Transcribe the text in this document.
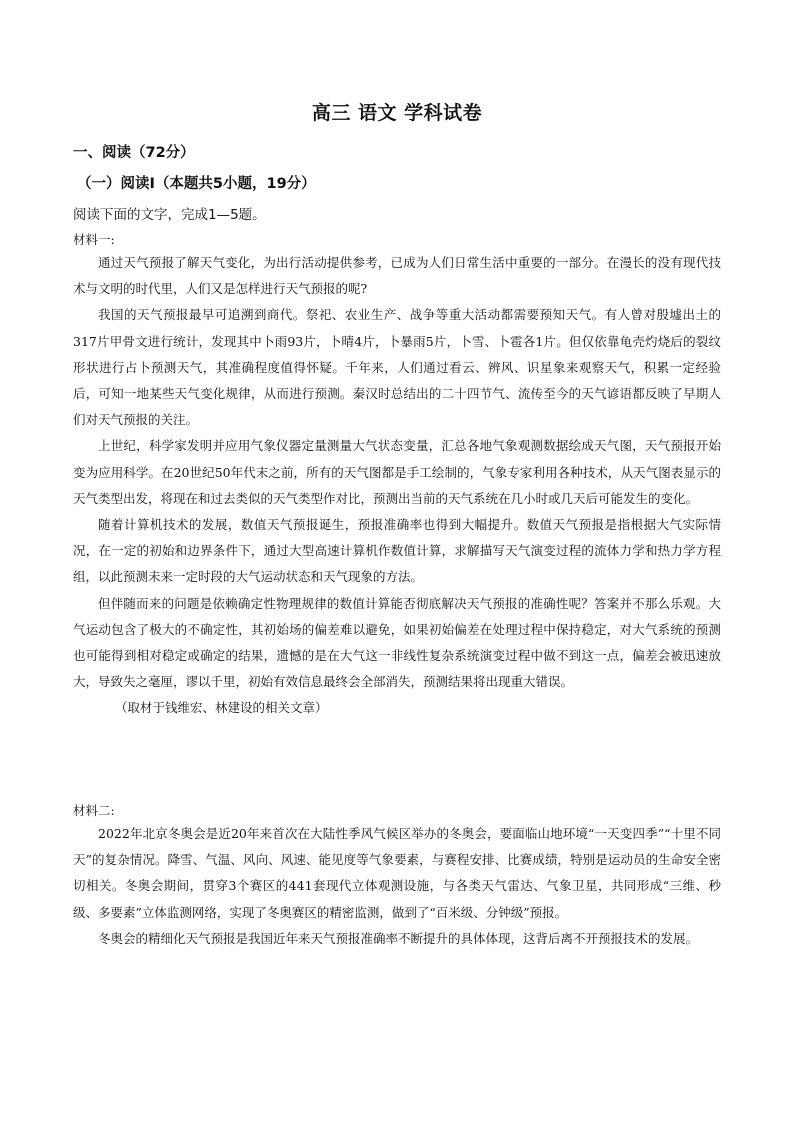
高三 语文 学科试卷
一、阅读（72分）
（一）阅读Ⅰ（本题共5小题，19分）
阅读下面的文字，完成1—5题。
材料一:

通过天气预报了解天气变化，为出行活动提供参考，已成为人们日常生活中重要的一部分。在漫长的没有现代技术与文明的时代里，人们又是怎样进行天气预报的呢?

我国的天气预报最早可追溯到商代。祭祀、农业生产、战争等重大活动都需要预知天气。有人曾对殷墟出土的317片甲骨文进行统计，发现其中卜雨93片，卜晴4片，卜暴雨5片，卜雪、卜雹各1片。但仅依靠龟壳灼烧后的裂纹形状进行占卜预测天气，其准确程度值得怀疑。千年来，人们通过看云、辨风、识星象来观察天气，积累一定经验后，可知一地某些天气变化规律，从而进行预测。秦汉时总结出的二十四节气、流传至今的天气谚语都反映了早期人们对天气预报的关注。

上世纪，科学家发明并应用气象仪器定量测量大气状态变量，汇总各地气象观测数据绘成天气图，天气预报开始变为应用科学。在20世纪50年代末之前，所有的天气图都是手工绘制的，气象专家利用各种技术，从天气图表显示的天气类型出发，将现在和过去类似的天气类型作对比，预测出当前的天气系统在几小时或几天后可能发生的变化。

随着计算机技术的发展，数值天气预报诞生，预报准确率也得到大幅提升。数值天气预报是指根据大气实际情况，在一定的初始和边界条件下，通过大型高速计算机作数值计算，求解描写天气演变过程的流体力学和热力学方程组，以此预测未来一定时段的大气运动状态和天气现象的方法。

但伴随而来的问题是依赖确定性物理规律的数值计算能否彻底解决天气预报的准确性呢？答案并不那么乐观。大气运动包含了极大的不确定性，其初始场的偏差难以避免，如果初始偏差在处理过程中保持稳定，对大气系统的预测也可能得到相对稳定或确定的结果，遗憾的是在大气这一非线性复杂系统演变过程中做不到这一点，偏差会被迅速放大，导致失之毫厘，谬以千里，初始有效信息最终会全部消失，预测结果将出现重大错误。

（取材于钱维宏、林建设的相关文章）

材料二:

2022年北京冬奥会是近20年来首次在大陆性季风气候区举办的冬奥会，要面临山地环境“一天变四季”“十里不同天”的复杂情况。降雪、气温、风向、风速、能见度等气象要素，与赛程安排、比赛成绩，特别是运动员的生命安全密切相关。冬奥会期间，贯穿3个赛区的441套现代立体观测设施，与各类天气雷达、气象卫星，共同形成“三维、秒级、多要素”立体监测网络，实现了冬奥赛区的精密监测，做到了“百米级、分钟级”预报。

冬奥会的精细化天气预报是我国近年来天气预报准确率不断提升的具体体现，这背后离不开预报技术的发展。
